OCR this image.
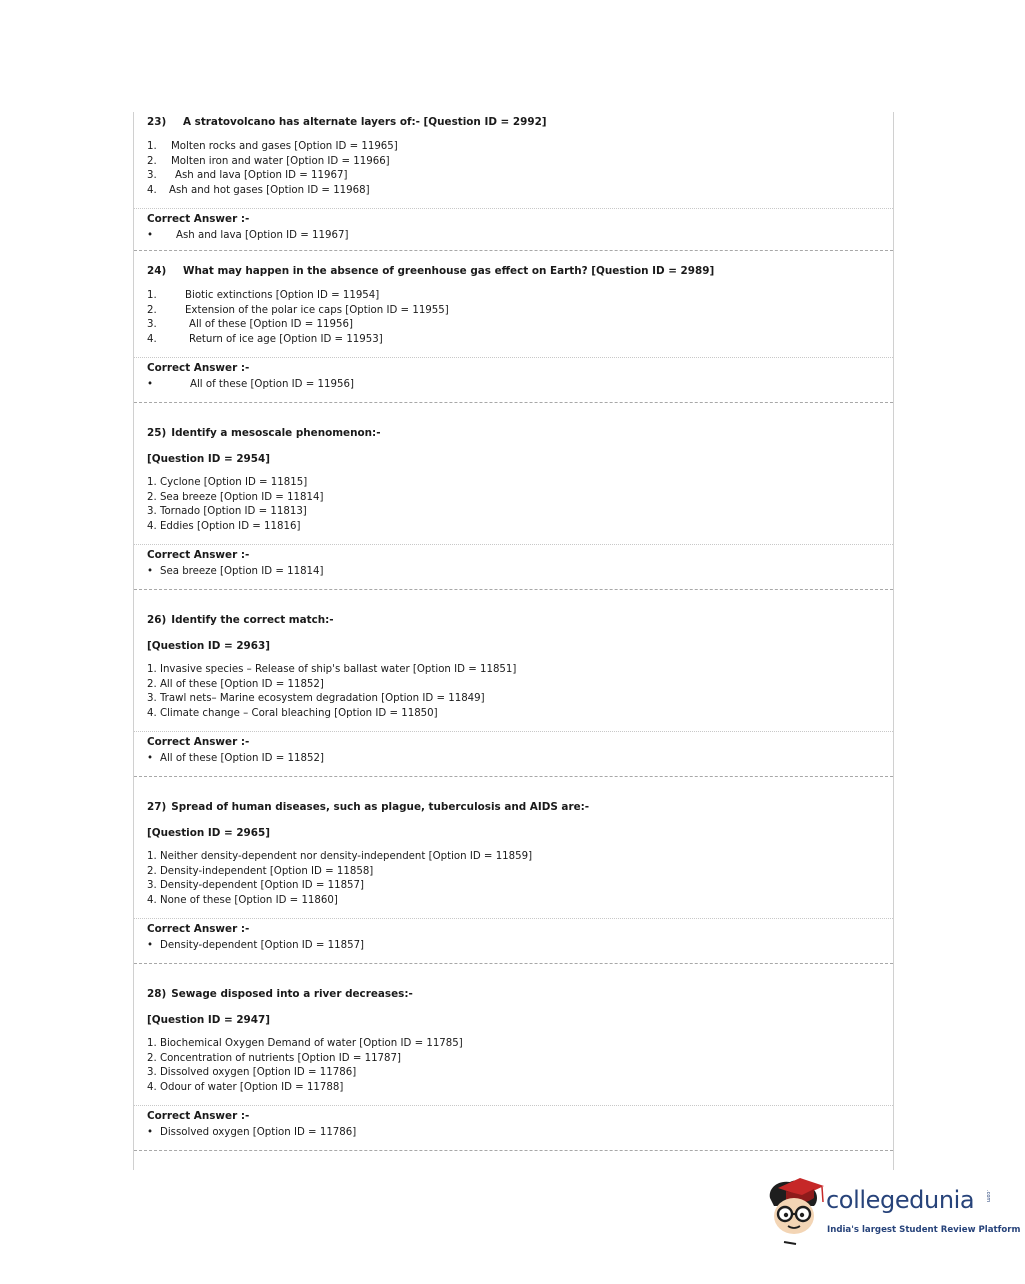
23) A stratovolcano has alternate layers of:- [Question ID = 2992]
1. Molten rocks and gases [Option ID = 11965]
2. Molten iron and water [Option ID = 11966]
3. Ash and lava [Option ID = 11967]
4. Ash and hot gases [Option ID = 11968]
Correct Answer :-
• Ash and lava [Option ID = 11967]
24) What may happen in the absence of greenhouse gas effect on Earth? [Question ID = 2989]
1.	Biotic extinctions [Option ID = 11954]
2.	Extension of the polar ice caps [Option ID = 11955]
3.	All of these [Option ID = 11956]
4.	Return of ice age [Option ID = 11953]
Correct Answer :-
•	All of these [Option ID = 11956]
25) Identify a mesoscale phenomenon:-
[Question ID = 2954]
1. Cyclone [Option ID = 11815]
2. Sea breeze [Option ID = 11814]
3. Tornado [Option ID = 11813]
4. Eddies [Option ID = 11816]
Correct Answer :-
• Sea breeze [Option ID = 11814]
26) Identify the correct match:-
[Question ID = 2963]
1. Invasive species – Release of ship's ballast water [Option ID = 11851]
2. All of these [Option ID = 11852]
3. Trawl nets– Marine ecosystem degradation [Option ID = 11849]
4. Climate change – Coral bleaching [Option ID = 11850]
Correct Answer :-
• All of these [Option ID = 11852]
27) Spread of human diseases, such as plague, tuberculosis and AIDS are:-
[Question ID = 2965]
1. Neither density-dependent nor density-independent [Option ID = 11859]
2. Density-independent [Option ID = 11858]
3. Density-dependent [Option ID = 11857]
4. None of these [Option ID = 11860]
Correct Answer :-
• Density-dependent [Option ID = 11857]
28) Sewage disposed into a river decreases:-
[Question ID = 2947]
1. Biochemical Oxygen Demand of water [Option ID = 11785]
2. Concentration of nutrients [Option ID = 11787]
3. Dissolved oxygen [Option ID = 11786]
4. Odour of water [Option ID = 11788]
Correct Answer :-
• Dissolved oxygen [Option ID = 11786]
collegedunia .com
India's largest Student Review Platform
